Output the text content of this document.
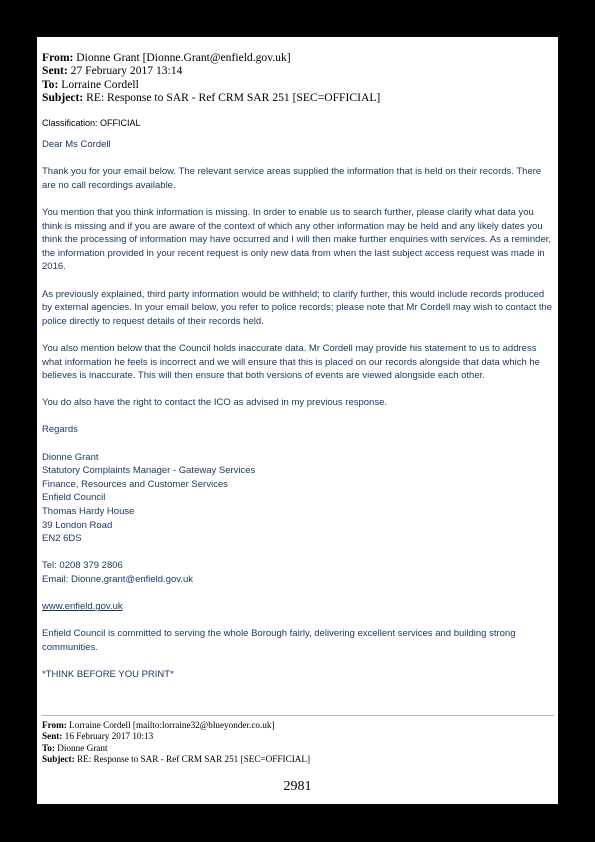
From: Dionne Grant [Dionne.Grant@enfield.gov.uk]
Sent: 27 February 2017 13:14
To: Lorraine Cordell
Subject: RE: Response to SAR - Ref CRM SAR 251 [SEC=OFFICIAL]
Classification: OFFICIAL

Dear Ms Cordell

Thank you for your email below. The relevant service areas supplied the information that is held on their records. There are no call recordings available.

You mention that you think information is missing. In order to enable us to search further, please clarify what data you think is missing and if you are aware of the context of which any other information may be held and any likely dates you think the processing of information may have occurred and I will then make further enquiries with services. As a reminder, the information provided in your recent request is only new data from when the last subject access request was made in 2016.

As previously explained, third party information would be withheld; to clarify further, this would include records produced by external agencies. In your email below, you refer to police records; please note that Mr Cordell may wish to contact the police directly to request details of their records held.

You also mention below that the Council holds inaccurate data. Mr Cordell may provide his statement to us to address what information he feels is incorrect and we will ensure that this is placed on our records alongside that data which he believes is inaccurate. This will then ensure that both versions of events are viewed alongside each other.

You do also have the right to contact the ICO as advised in my previous response.

Regards

Dionne Grant
Statutory Complaints Manager - Gateway Services
Finance, Resources and Customer Services
Enfield Council
Thomas Hardy House
39 London Road
EN2 6DS
Tel: 0208 379 2806
Email: Dionne.grant@enfield.gov.uk

www.enfield.gov.uk

Enfield Council is committed to serving the whole Borough fairly, delivering excellent services and building strong communities.

*THINK BEFORE YOU PRINT*

From: Lorraine Cordell [mailto:lorraine32@blueyonder.co.uk]
Sent: 16 February 2017 10:13
To: Dionne Grant
Subject: RE: Response to SAR - Ref CRM SAR 251 [SEC=OFFICIAL]
2981
